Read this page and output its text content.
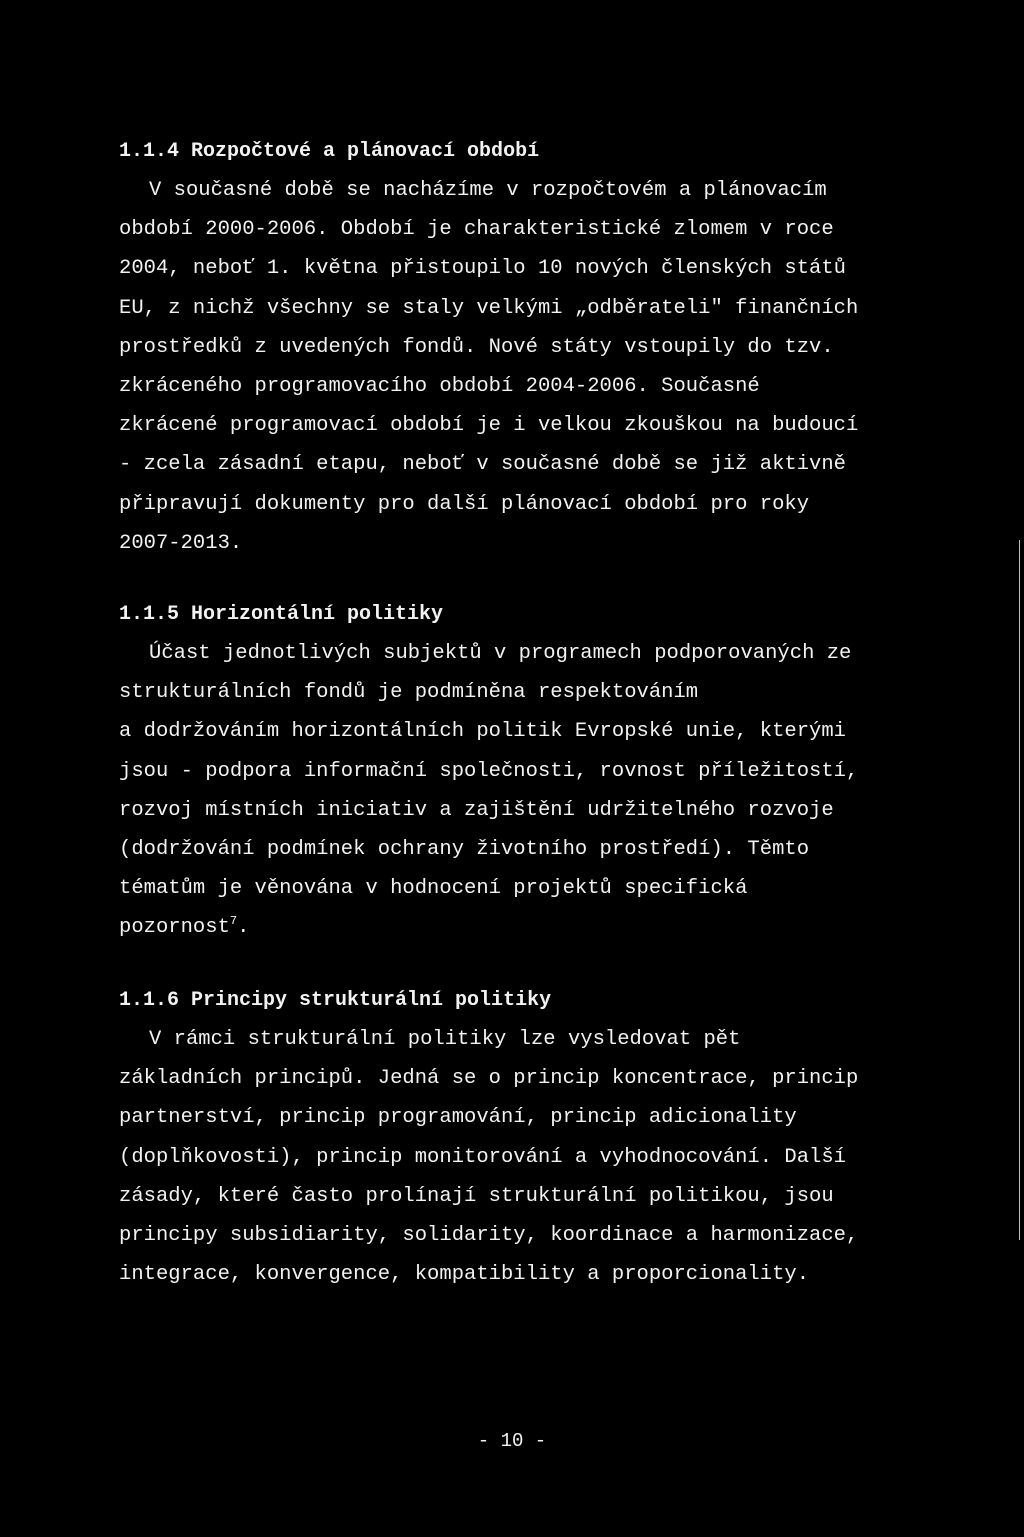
1.1.4 Rozpočtové a plánovací období
V současné době se nacházíme v rozpočtovém a plánovacím
období 2000-2006. Období je charakteristické zlomem v roce
2004, neboť 1. května přistoupilo 10 nových členských států
EU, z nichž všechny se staly velkými „odběrateli" finančních
prostředků z uvedených fondů. Nové státy vstoupily do tzv.
zkráceného programovacího období 2004-2006. Současné
zkrácené programovací období je i velkou zkouškou na budoucí
- zcela zásadní etapu, neboť v současné době se již aktivně
připravují dokumenty pro další plánovací období pro roky
2007-2013.
1.1.5 Horizontální politiky
Účast jednotlivých subjektů v programech podporovaných ze
strukturálních fondů je podmíněna respektováním
a dodržováním horizontálních politik Evropské unie, kterými
jsou - podpora informační společnosti, rovnost příležitostí,
rozvoj místních iniciativ a zajištění udržitelného rozvoje
(dodržování podmínek ochrany životního prostředí). Těmto
tématům je věnována v hodnocení projektů specifická
pozornost$^7$.
1.1.6 Principy strukturální politiky
V rámci strukturální politiky lze vysledovat pět
základních principů. Jedná se o princip koncentrace, princip
partnerství, princip programování, princip adicionality
(doplňkovosti), princip monitorování a vyhodnocování. Další
zásady, které často prolínají strukturální politikou, jsou
principy subsidiarity, solidarity, koordinace a harmonizace,
integrace, konvergence, kompatibility a proporcionality.
- 10 -
